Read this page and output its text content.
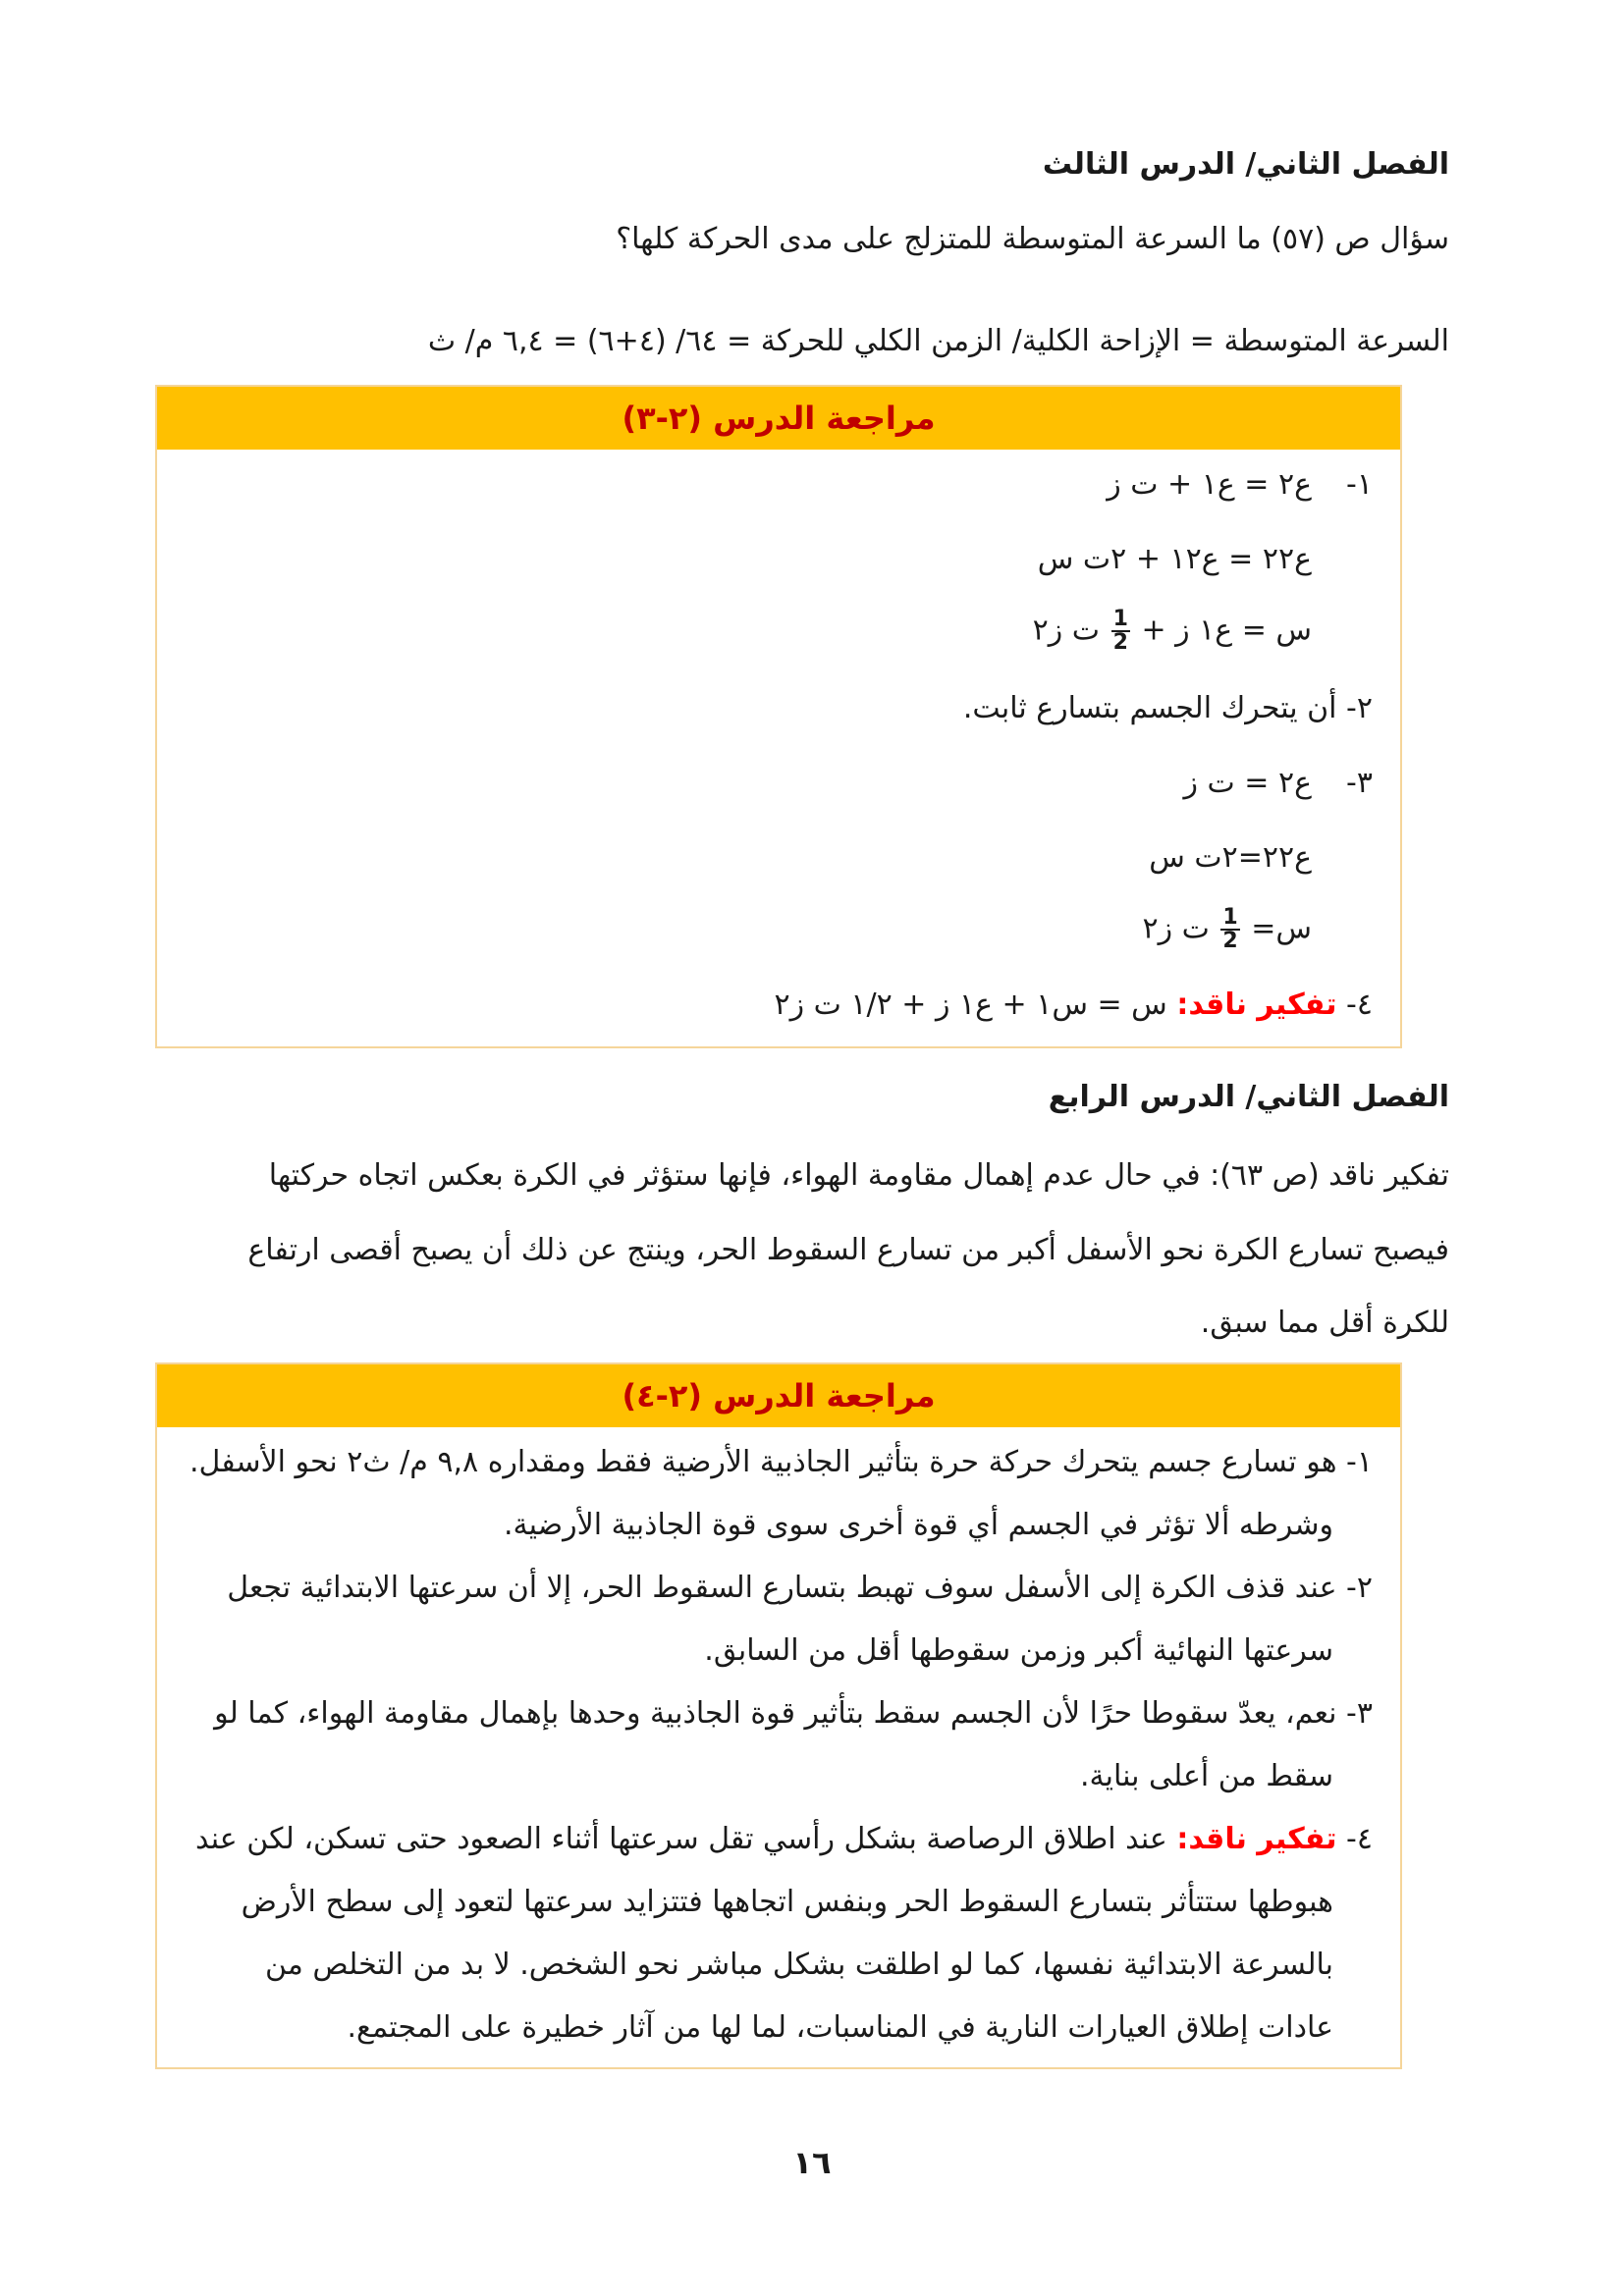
الفصل الثاني/ الدرس الثالث
سؤال ص (٥٧) ما السرعة المتوسطة للمتزلج على مدى الحركة كلها؟
السرعة المتوسطة = الإزاحة الكلية/ الزمن الكلي للحركة = ٦٤/ (٤+٦) = ٦,٤ م/ ث
مراجعة الدرس (٢-٣)
١-
ع٢ = ع١ + ت ز
ع٢٢ = ع١٢ + ٢ت س
س = ع١ ز +
$\frac{1}{2}$
ت ز٢
٢- أن يتحرك الجسم بتسارع ثابت.
٣-
ع٢ = ت ز
ع٢٢=٢ت س
س=
$\frac{1}{2}$
ت ز٢
٤- تفكير ناقد: س = س١ + ع١ ز + ١/٢ ت ز٢
الفصل الثاني/ الدرس الرابع
تفكير ناقد (ص ٦٣): في حال عدم إهمال مقاومة الهواء، فإنها ستؤثر في الكرة بعكس اتجاه حركتها
فيصبح تسارع الكرة نحو الأسفل أكبر من تسارع السقوط الحر، وينتج عن ذلك أن يصبح أقصى ارتفاع
للكرة أقل مما سبق.
مراجعة الدرس (٢-٤)
١- هو تسارع جسم يتحرك حركة حرة بتأثير الجاذبية الأرضية فقط ومقداره ٩,٨ م/ ث٢ نحو الأسفل.
وشرطه ألا تؤثر في الجسم أي قوة أخرى سوى قوة الجاذبية الأرضية.
٢- عند قذف الكرة إلى الأسفل سوف تهبط بتسارع السقوط الحر، إلا أن سرعتها الابتدائية تجعل
سرعتها النهائية أكبر وزمن سقوطها أقل من السابق.
٣- نعم، يعدّ سقوطا حرًا لأن الجسم سقط بتأثير قوة الجاذبية وحدها بإهمال مقاومة الهواء، كما لو
سقط من أعلى بناية.
٤- تفكير ناقد: عند اطلاق الرصاصة بشكل رأسي تقل سرعتها أثناء الصعود حتى تسكن، لكن عند
هبوطها ستتأثر بتسارع السقوط الحر وبنفس اتجاهها فتتزايد سرعتها لتعود إلى سطح الأرض
بالسرعة الابتدائية نفسها، كما لو اطلقت بشكل مباشر نحو الشخص. لا بد من التخلص من
عادات إطلاق العيارات النارية في المناسبات، لما لها من آثار خطيرة على المجتمع.
١٦
